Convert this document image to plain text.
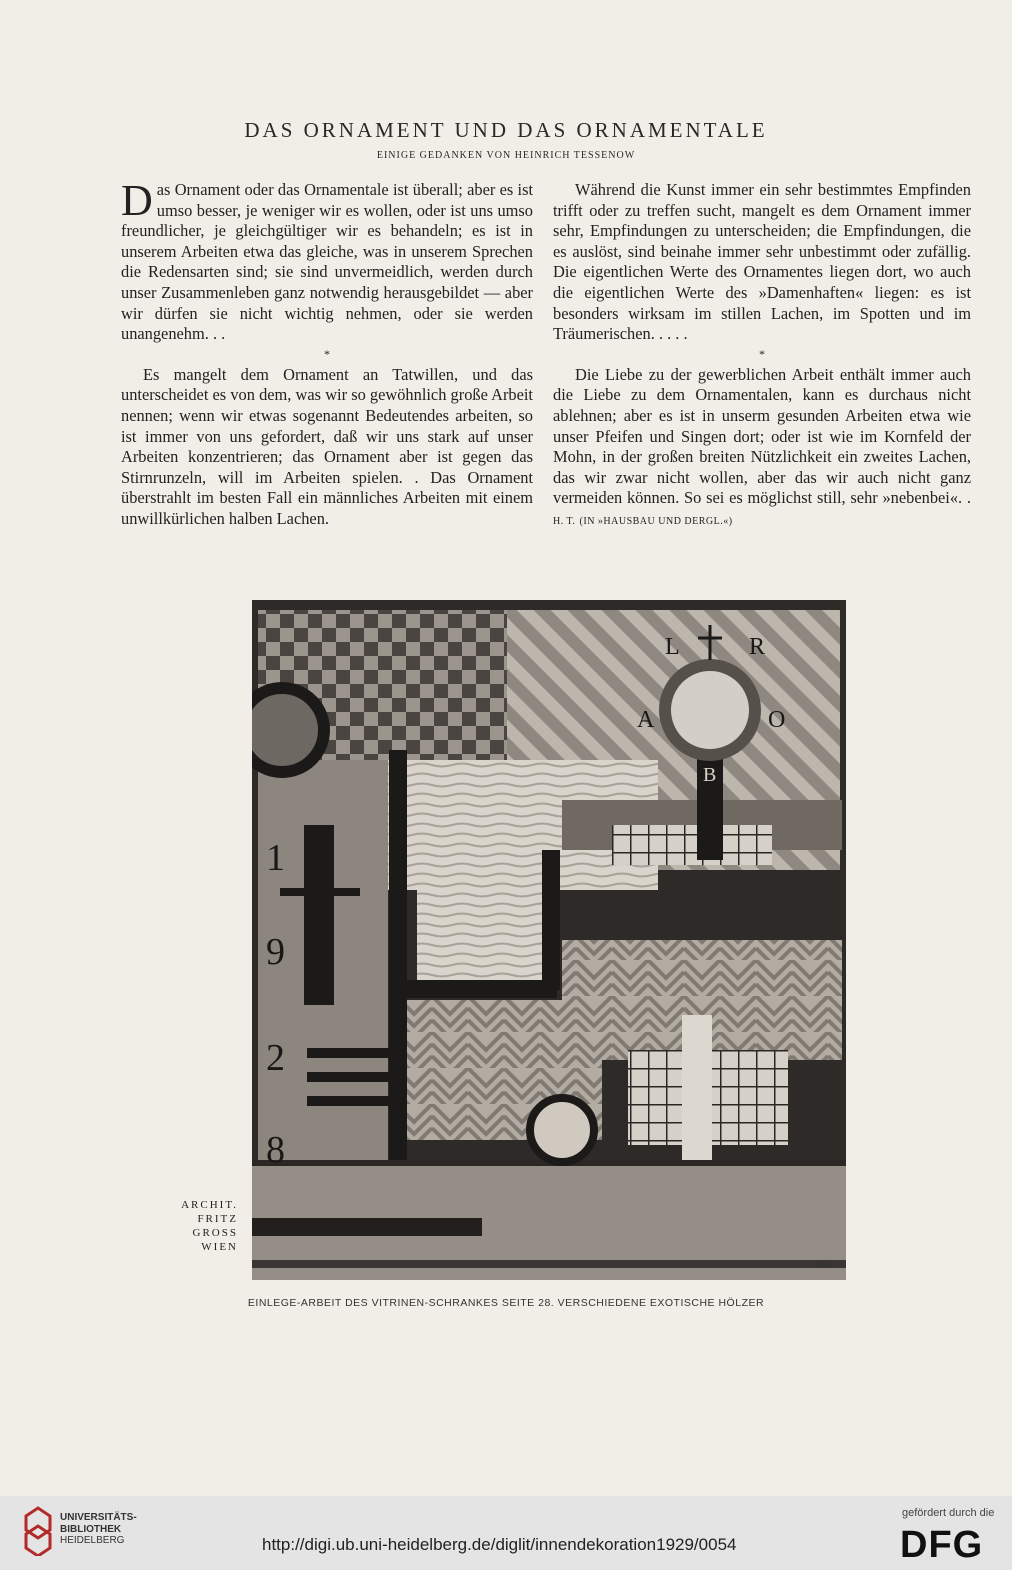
DAS ORNAMENT UND DAS ORNAMENTALE
EINIGE GEDANKEN VON HEINRICH TESSENOW

Das Ornament oder das Ornamentale ist überall; aber es ist umso besser, je weniger wir es wollen, oder ist uns umso freundlicher, je gleichgültiger wir es behandeln; es ist in unserem Arbeiten etwa das gleiche, was in unserem Sprechen die Redensarten sind; sie sind unvermeidlich, werden durch unser Zusammenleben ganz notwendig herausgebildet — aber wir dürfen sie nicht wichtig nehmen, oder sie werden unangenehm. . .

*

Es mangelt dem Ornament an Tatwillen, und das unterscheidet es von dem, was wir so gewöhnlich große Arbeit nennen; wenn wir etwas sogenannt Bedeutendes arbeiten, so ist immer von uns gefordert, daß wir uns stark auf unser Arbeiten konzentrieren; das Ornament aber ist gegen das Stirnrunzeln, will im Arbeiten spielen. . Das Ornament überstrahlt im besten Fall ein männliches Arbeiten mit einem unwillkürlichen halben Lachen.

Während die Kunst immer ein sehr bestimmtes Empfinden trifft oder zu treffen sucht, mangelt es dem Ornament immer sehr, Empfindungen zu unterscheiden; die Empfindungen, die es auslöst, sind beinahe immer sehr unbestimmt oder zufällig. Die eigentlichen Werte des Ornamentes liegen dort, wo auch die eigentlichen Werte des »Damenhaften« liegen: es ist besonders wirksam im stillen Lachen, im Spotten und im Träumerischen. . . . .

*

Die Liebe zu der gewerblichen Arbeit enthält immer auch die Liebe zu dem Ornamentalen, kann es durchaus nicht ablehnen; aber es ist in unserm gesunden Arbeiten etwa wie unser Pfeifen und Singen dort; oder ist wie im Kornfeld der Mohn, in der großen breiten Nützlichkeit ein zweites Lachen, das wir zwar nicht wollen, aber das wir auch nicht ganz vermeiden können. So sei es möglichst still, sehr »nebenbei«. . H. T. (IN »HAUSBAU UND DERGL.«)

L	R
A	O
B
1
9
2
8
M·u
ARCHIT.
FRITZ
GROSS
WIEN
EINLEGE-ARBEIT DES VITRINEN-SCHRANKES SEITE 28. VERSCHIEDENE EXOTISCHE HÖLZER
UNIVERSITÄTS-
BIBLIOTHEK
HEIDELBERG	http://digi.ub.uni-heidelberg.de/diglit/innendekoration1929/0054
gefördert durch die
DFG
